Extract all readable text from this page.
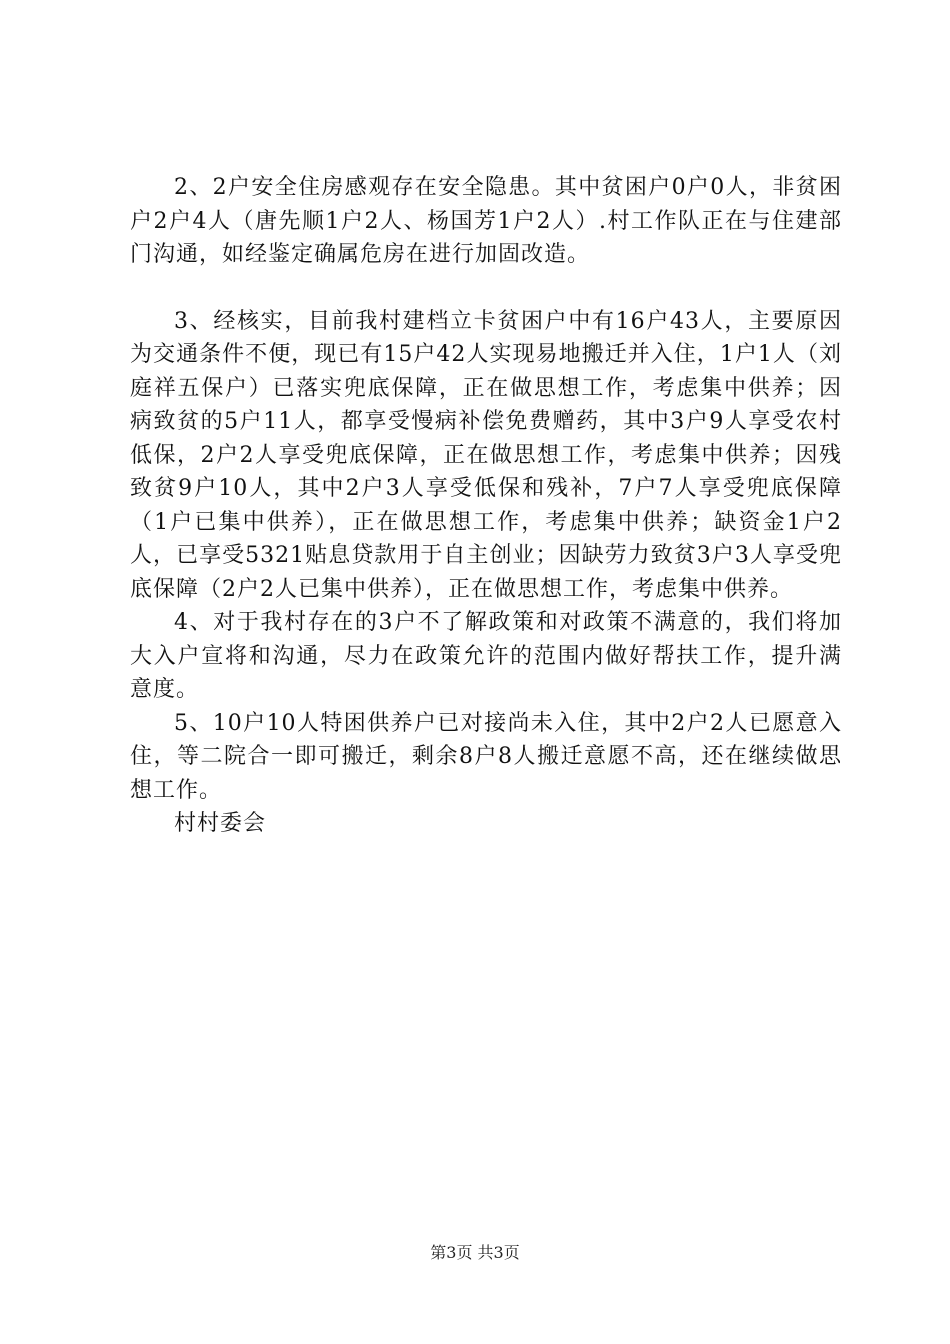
2、2户安全住房感观存在安全隐患。其中贫困户0户0人，非贫困户2户4人（唐先顺1户2人、杨国芳1户2人）.村工作队正在与住建部门沟通，如经鉴定确属危房在进行加固改造。

3、经核实，目前我村建档立卡贫困户中有16户43人，主要原因为交通条件不便，现已有15户42人实现易地搬迁并入住，1户1人（刘庭祥五保户）已落实兜底保障，正在做思想工作，考虑集中供养；因病致贫的5户11人，都享受慢病补偿免费赠药，其中3户9人享受农村低保，2户2人享受兜底保障，正在做思想工作，考虑集中供养；因残致贫9户10人，其中2户3人享受低保和残补，7户7人享受兜底保障（1户已集中供养），正在做思想工作，考虑集中供养；缺资金1户2人，已享受5321贴息贷款用于自主创业；因缺劳力致贫3户3人享受兜底保障（2户2人已集中供养），正在做思想工作，考虑集中供养。

4、对于我村存在的3户不了解政策和对政策不满意的，我们将加大入户宣将和沟通，尽力在政策允许的范围内做好帮扶工作，提升满意度。

5、10户10人特困供养户已对接尚未入住，其中2户2人已愿意入住，等二院合一即可搬迁，剩余8户8人搬迁意愿不高，还在继续做思想工作。

村村委会

第3页 共3页
